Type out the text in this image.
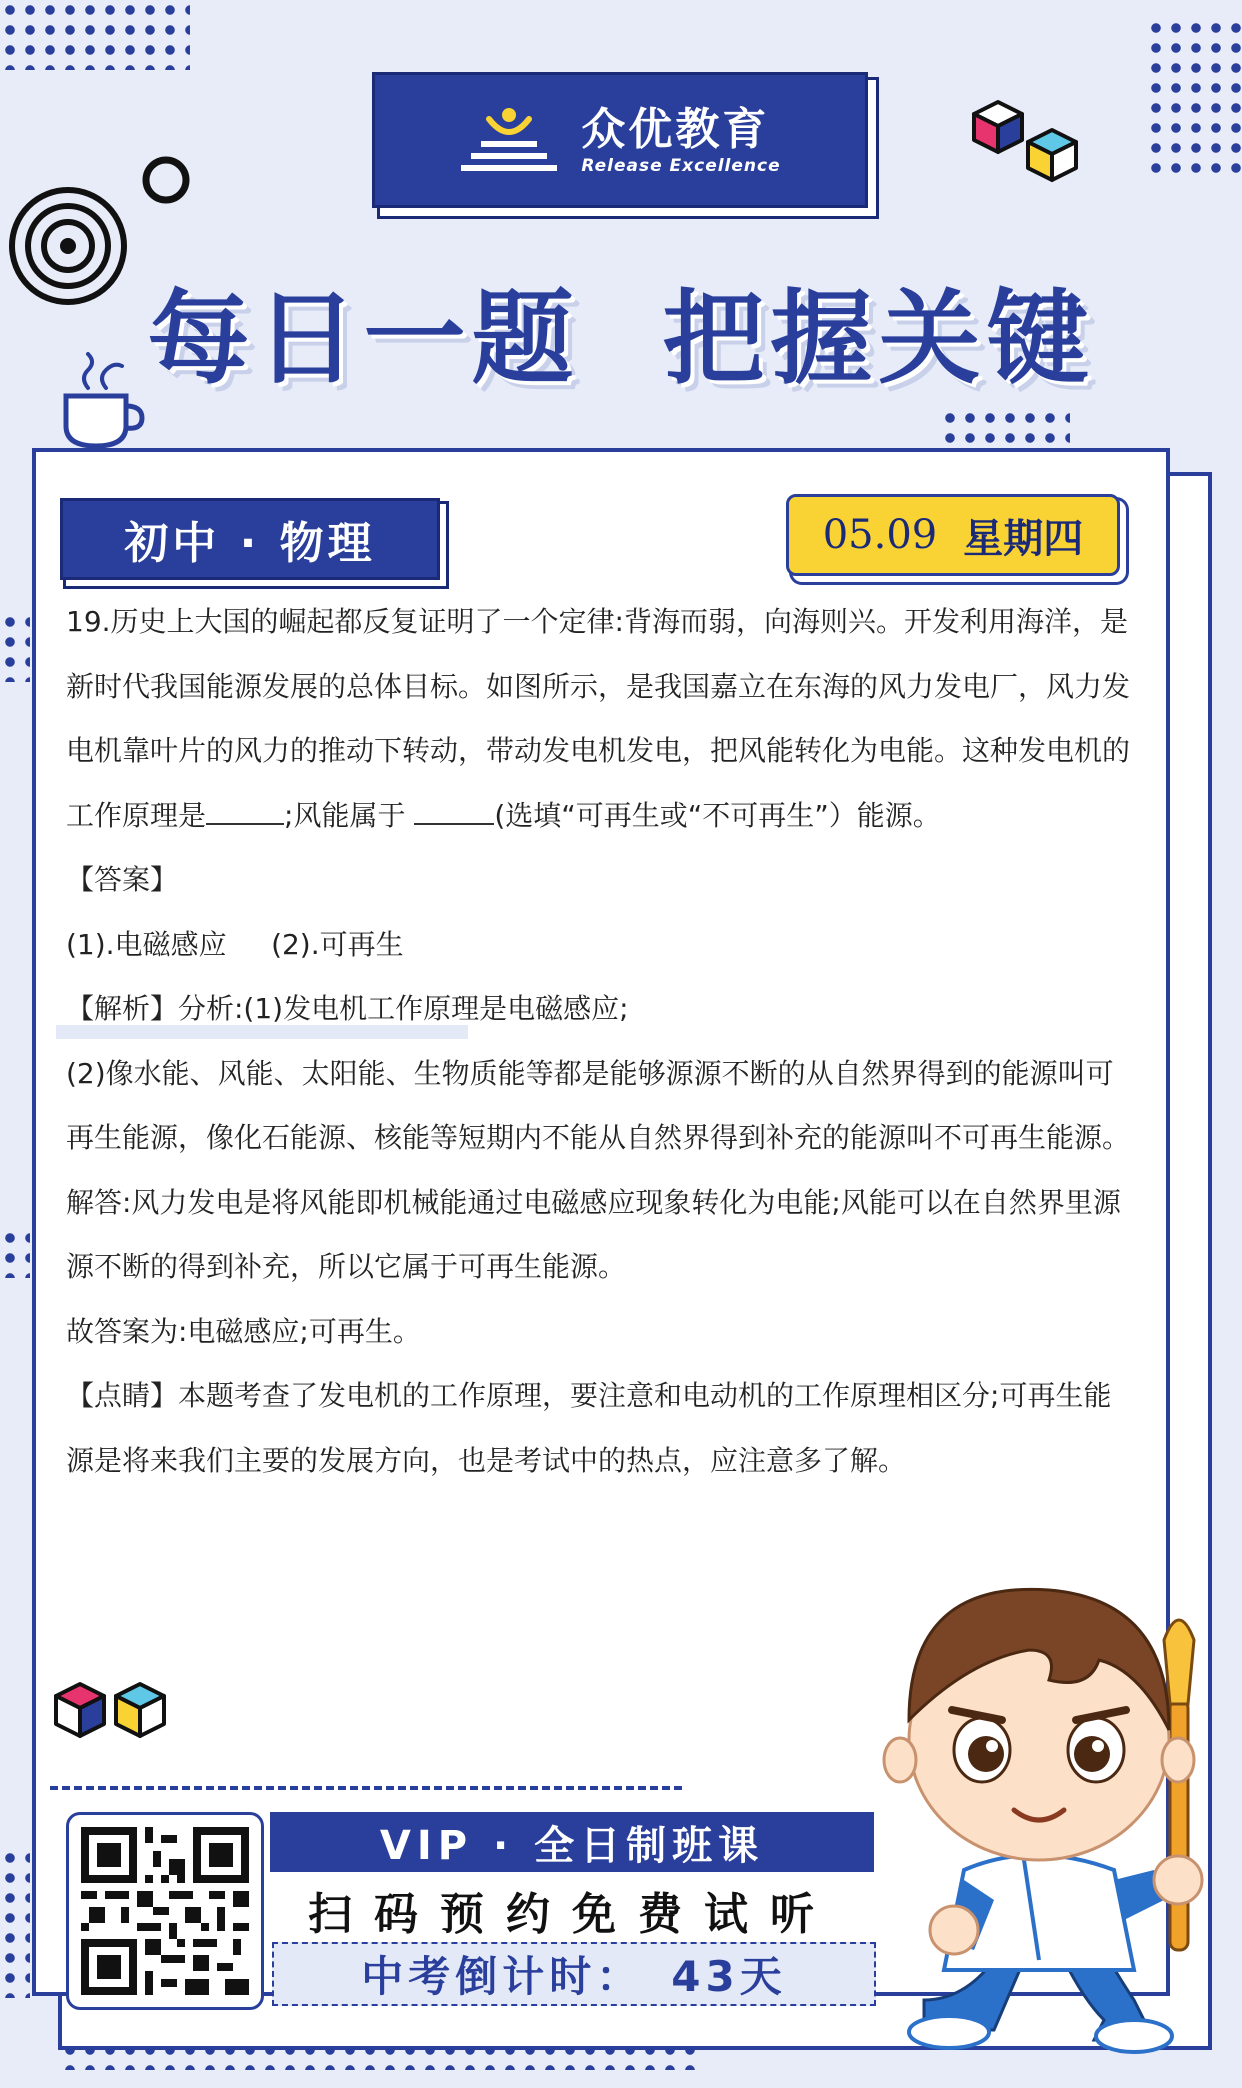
众优教育
Release Excellence
每日一题  把握关键
初中 · 物理	05.09 星期四

19.历史上大国的崛起都反复证明了一个定律:背海而弱，向海则兴。开发利用海洋，是新时代我国能源发展的总体目标。如图所示，是我国嘉立在东海的风力发电厂，风力发电机靠叶片的风力的推动下转动，带动发电机发电，把风能转化为电能。这种发电机的工作原理是	;风能属于	(选填“可再生或“不可再生”）能源。

【答案】

(1).电磁感应     (2).可再生

【解析】分析:(1)发电机工作原理是电磁感应;

(2)像水能、风能、太阳能、生物质能等都是能够源源不断的从自然界得到的能源叫可再生能源，像化石能源、核能等短期内不能从自然界得到补充的能源叫不可再生能源。解答:风力发电是将风能即机械能通过电磁感应现象转化为电能;风能可以在自然界里源源不断的得到补充，所以它属于可再生能源。

故答案为:电磁感应;可再生。

【点睛】本题考查了发电机的工作原理，要注意和电动机的工作原理相区分;可再生能源是将来我们主要的发展方向，也是考试中的热点，应注意多了解。

VIP · 全日制班课
扫码预约免费试听
中考倒计时： 43天
